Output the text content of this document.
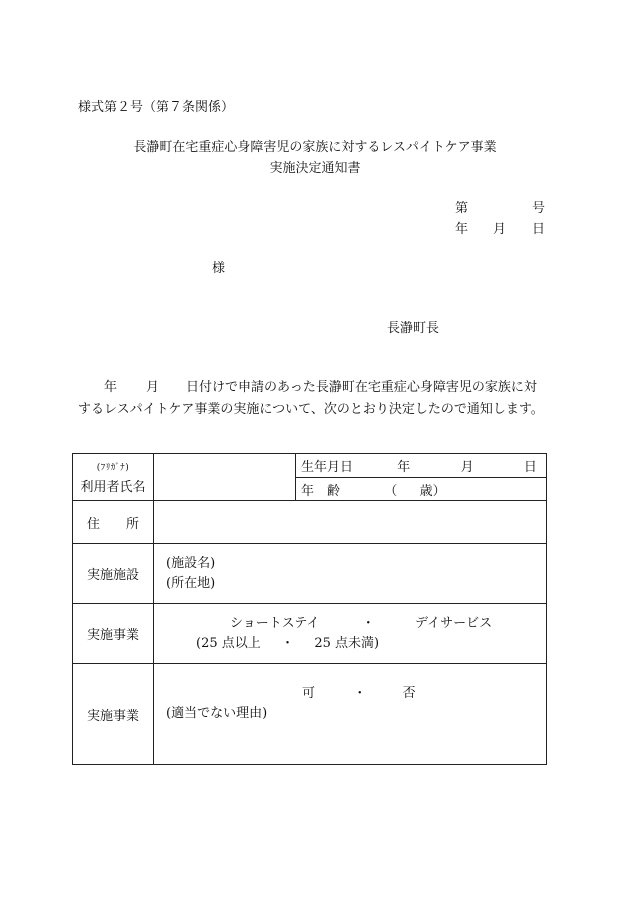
様式第２号（第７条関係）
長瀞町在宅重症心身障害児の家族に対するレスパイトケア事業
実施決定通知書
第	号
年 月 日
様
長瀞町長
年 月 日付けで申請のあった長瀞町在宅重症心身障害児の家族に対
するレスパイトケア事業の実施について、次のとおり決定したので通知します。
(ﾌﾘｶﾞﾅ)
利用者氏名		生年月日 年 月 日
		年　齢 （ 歳）
住　　所		
実施施設	(施設名)
(所在地)	

実施事業	ショートステイ ・ デイサービス
(25 点以上 ・ 25 点未満)	

実施事業	可 ・ 否
(適当でない理由)	
